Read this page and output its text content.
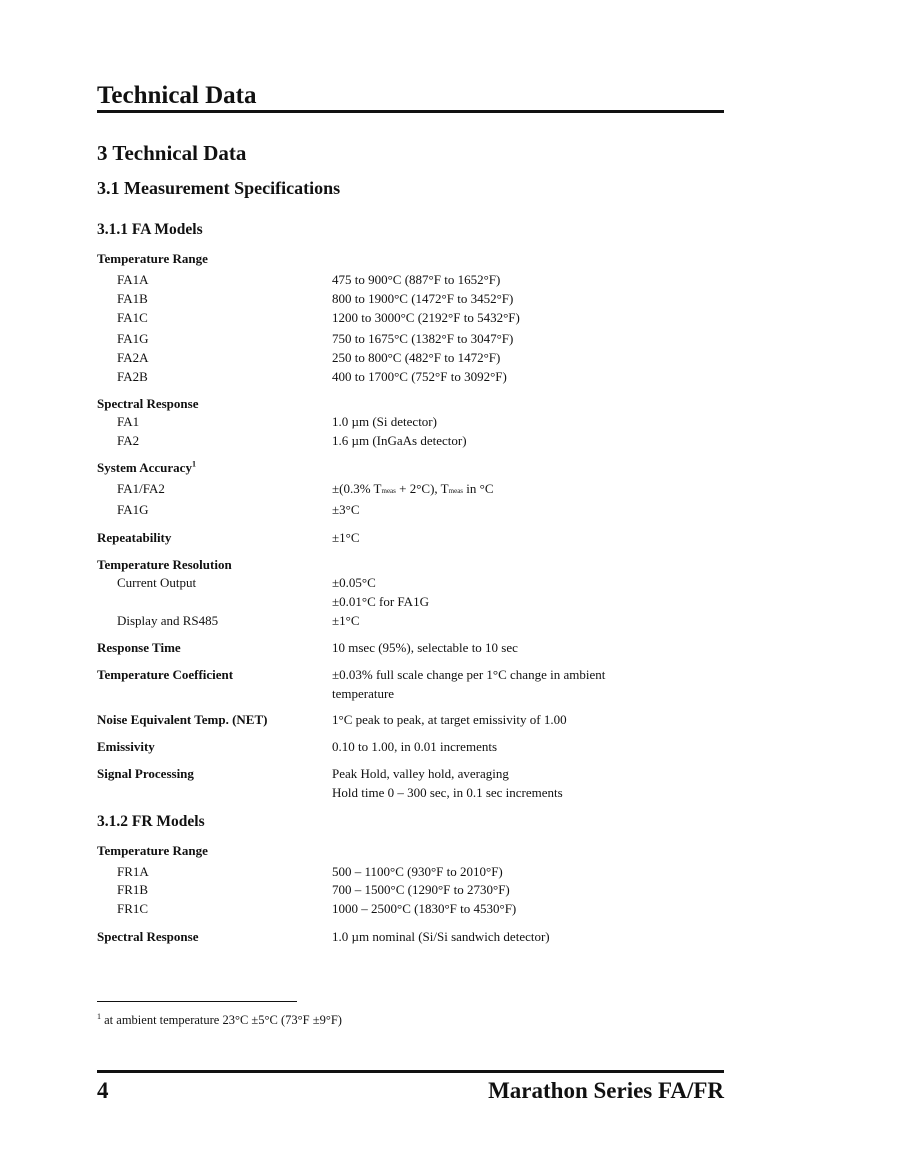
Technical Data
3 Technical Data
3.1 Measurement Specifications
3.1.1 FA Models
Temperature Range
FA1A	475 to 900°C (887°F to 1652°F)
FA1B	800 to 1900°C (1472°F to 3452°F)
FA1C	1200 to 3000°C (2192°F to 5432°F)
FA1G	750 to 1675°C (1382°F to 3047°F)
FA2A	250 to 800°C (482°F to 1472°F)
FA2B	400 to 1700°C (752°F to 3092°F)
Spectral Response
FA1	1.0 µm (Si detector)
FA2	1.6 µm (InGaAs detector)
System Accuracy$^1$
FA1/FA2	±(0.3% Tmeas + 2°C), Tmeas in °C
FA1G	±3°C
Repeatability	±1°C
Temperature Resolution
Current Output	±0.05°C
±0.01°C for FA1G
Display and RS485	±1°C
Response Time	10 msec (95%), selectable to 10 sec
Temperature Coefficient	±0.03% full scale change per 1°C change in ambient
temperature
Noise Equivalent Temp. (NET)	1°C peak to peak, at target emissivity of 1.00
Emissivity	0.10 to 1.00, in 0.01 increments
Signal Processing	Peak Hold, valley hold, averaging
Hold time 0 – 300 sec, in 0.1 sec increments
3.1.2 FR Models
Temperature Range
FR1A	500 – 1100°C (930°F to 2010°F)
FR1B	700 – 1500°C (1290°F to 2730°F)
FR1C	1000 – 2500°C (1830°F to 4530°F)
Spectral Response	1.0 µm nominal (Si/Si sandwich detector)
$^1$ at ambient temperature 23°C ±5°C (73°F ±9°F)
4	Marathon Series FA/FR
